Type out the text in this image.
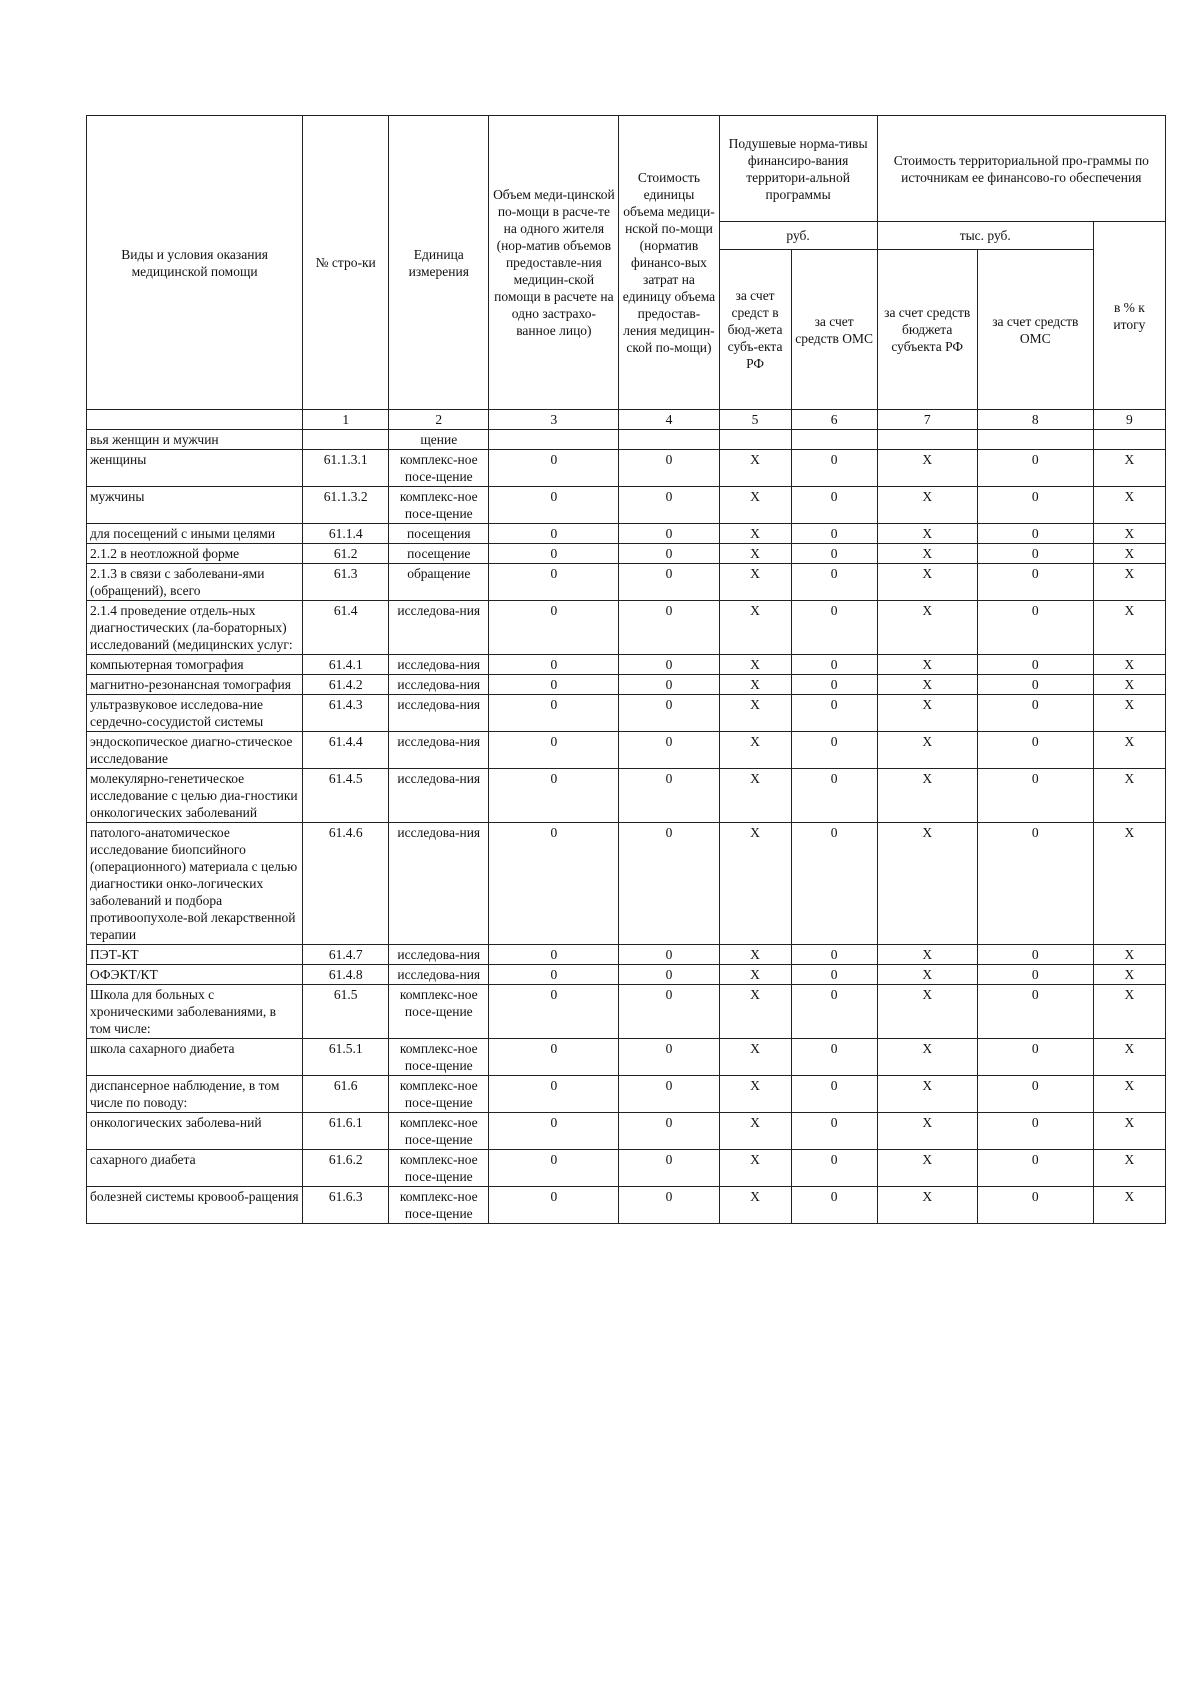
Виды и условия оказания медицинской помощи	№ стро-ки	Единица измерения	Объем меди-цинской по-мощи в расче-те на одного жителя (нор-матив объемов предоставле-ния медицин-ской помощи в расчете на одно застрахо-ванное лицо)	Стоимость единицы объема медици-нской по-мощи (норматив финансо-вых затрат на единицу объема предостав-ления медицин-ской по-мощи)	Подушевые норма-тивы финансиро-вания территори-альной программы		Стоимость территориальной про-граммы по источникам ее финансово-го обеспечения		
					руб.		тыс. руб.		в % к итогу
					за счет средст в бюд-жета субъ-екта РФ	за счет средств ОМС	за счет средств бюджета субъекта РФ	за счет средств ОМС	
	1	2	3	4	5	6	7	8	9
вья женщин и мужчин		щение							
женщины	61.1.3.1	комплекс-ное посе-щение	0	0	X	0	X	0	X
мужчины	61.1.3.2	комплекс-ное посе-щение	0	0	X	0	X	0	X
для посещений с иными целями	61.1.4	посещения	0	0	X	0	X	0	X
2.1.2 в неотложной форме	61.2	посещение	0	0	X	0	X	0	X
2.1.3 в связи с заболевани-ями (обращений), всего	61.3	обращение	0	0	X	0	X	0	X
2.1.4 проведение отдель-ных диагностических (ла-бораторных) исследований (медицинских услуг:	61.4	исследова-ния	0	0	X	0	X	0	X
компьютерная томография	61.4.1	исследова-ния	0	0	X	0	X	0	X
магнитно-резонансная томография	61.4.2	исследова-ния	0	0	X	0	X	0	X
ультразвуковое исследова-ние сердечно-сосудистой системы	61.4.3	исследова-ния	0	0	X	0	X	0	X
эндоскопическое диагно-стическое исследование	61.4.4	исследова-ния	0	0	X	0	X	0	X
молекулярно-генетическое исследование с целью диа-гностики онкологических заболеваний	61.4.5	исследова-ния	0	0	X	0	X	0	X
патолого-анатомическое исследование биопсийного (операционного) материала с целью диагностики онко-логических заболеваний и подбора противоопухоле-вой лекарственной терапии	61.4.6	исследова-ния	0	0	X	0	X	0	X
ПЭТ-КТ	61.4.7	исследова-ния	0	0	X	0	X	0	X
ОФЭКТ/КТ	61.4.8	исследова-ния	0	0	X	0	X	0	X
Школа для больных с хроническими заболеваниями, в том числе:	61.5	комплекс-ное посе-щение	0	0	X	0	X	0	X
школа сахарного диабета	61.5.1	комплекс-ное посе-щение	0	0	X	0	X	0	X
диспансерное наблюдение, в том числе по поводу:	61.6	комплекс-ное посе-щение	0	0	X	0	X	0	X
онкологических заболева-ний	61.6.1	комплекс-ное посе-щение	0	0	X	0	X	0	X
сахарного диабета	61.6.2	комплекс-ное посе-щение	0	0	X	0	X	0	X
болезней системы кровооб-ращения	61.6.3	комплекс-ное посе-щение	0	0	X	0	X	0	X
